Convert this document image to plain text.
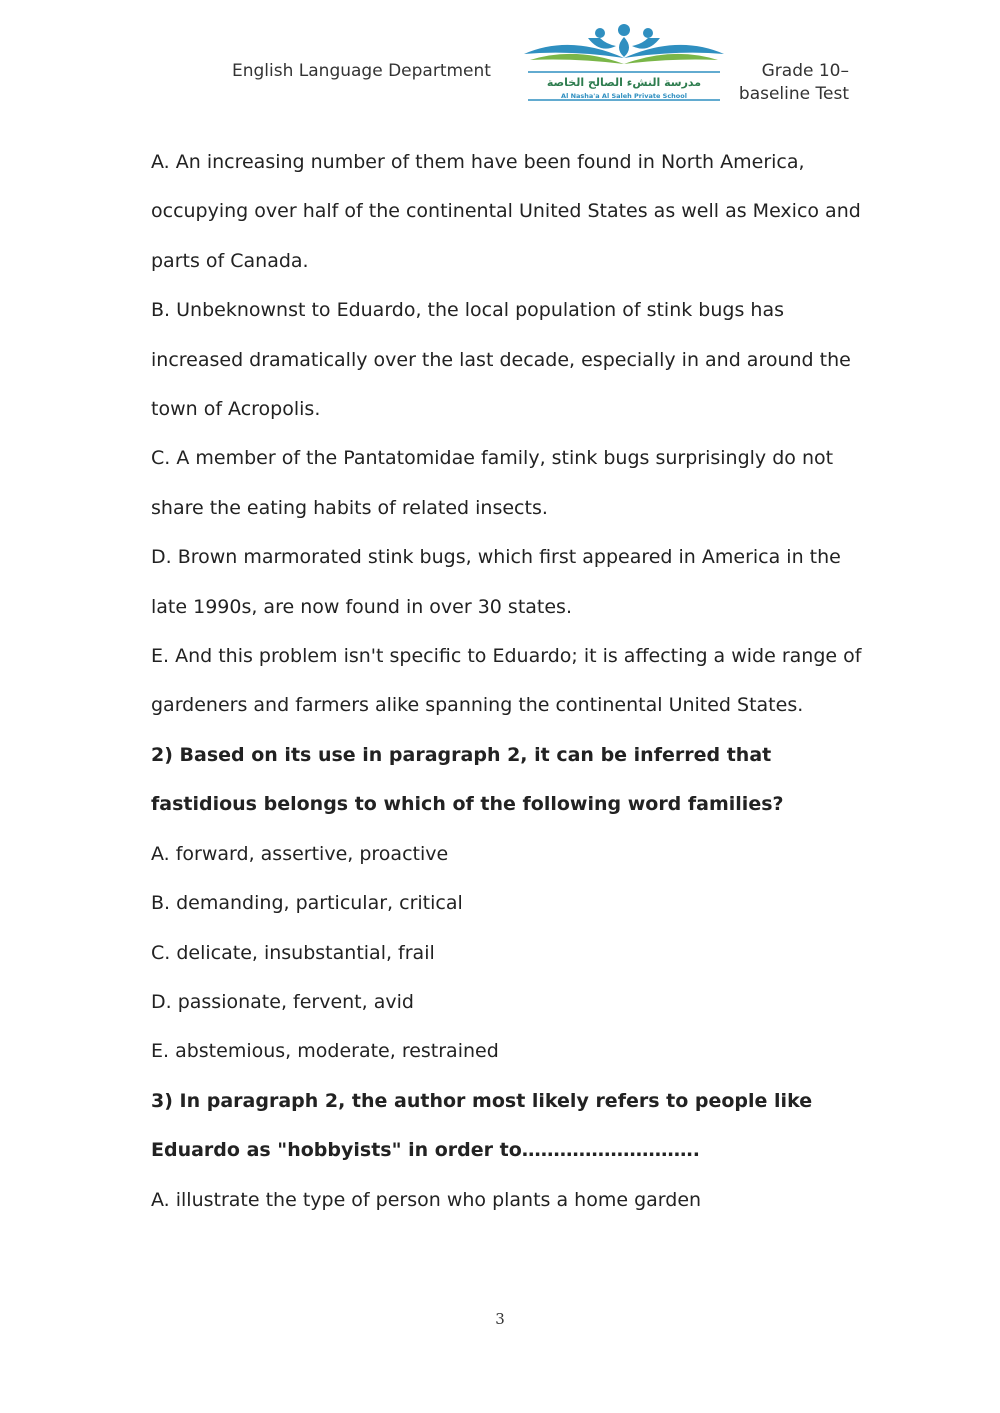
English Language Department
مدرسة النشء الصالح الخاصة
Al Nasha'a Al Saleh Private School
Grade 10–
baseline Test

A. An increasing number of them have been found in North America, occupying over half of the continental United States as well as Mexico and parts of Canada.

B. Unbeknownst to Eduardo, the local population of stink bugs has increased dramatically over the last decade, especially in and around the town of Acropolis.

C. A member of the Pantatomidae family, stink bugs surprisingly do not share the eating habits of related insects.

D. Brown marmorated stink bugs, which first appeared in America in the late 1990s, are now found in over 30 states.

E. And this problem isn't specific to Eduardo; it is affecting a wide range of gardeners and farmers alike spanning the continental United States.

2) Based on its use in paragraph 2, it can be inferred that fastidious belongs to which of the following word families?

A. forward, assertive, proactive

B. demanding, particular, critical

C. delicate, insubstantial, frail

D. passionate, fervent, avid

E. abstemious, moderate, restrained

3) In paragraph 2, the author most likely refers to people like Eduardo as "hobbyists" in order to……………………….

A. illustrate the type of person who plants a home garden

3
